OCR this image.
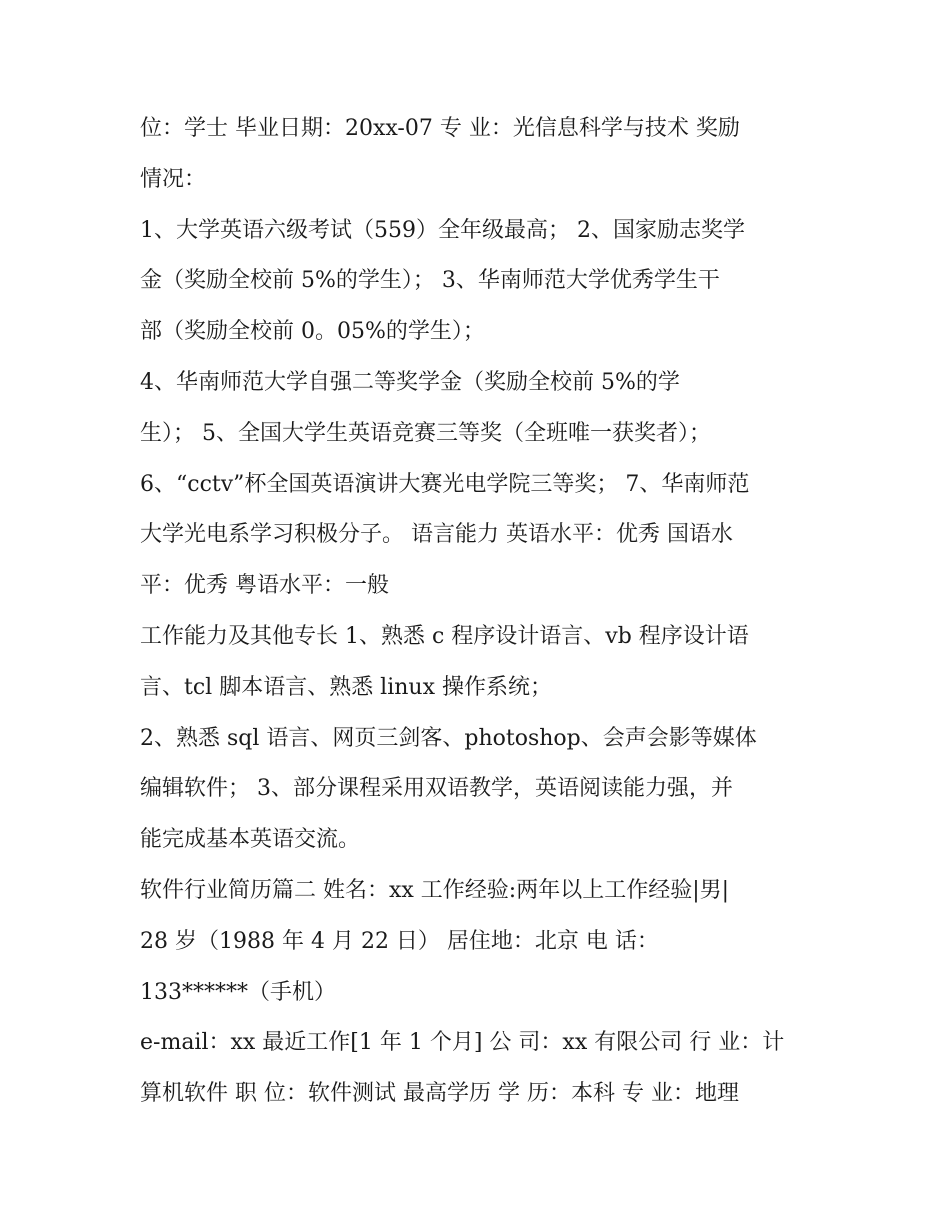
位：学士 毕业日期：20xx-07 专 业：光信息科学与技术 奖励
情况：
1、大学英语六级考试（559）全年级最高； 2、国家励志奖学
金（奖励全校前 5%的学生）； 3、华南师范大学优秀学生干
部（奖励全校前 0。05%的学生）；
4、华南师范大学自强二等奖学金（奖励全校前 5%的学
生）； 5、全国大学生英语竞赛三等奖（全班唯一获奖者）；
6、“cctv”杯全国英语演讲大赛光电学院三等奖； 7、华南师范
大学光电系学习积极分子。 语言能力 英语水平：优秀 国语水
平：优秀 粤语水平：一般
工作能力及其他专长 1、熟悉 c 程序设计语言、vb 程序设计语
言、tcl 脚本语言、熟悉 linux 操作系统；
2、熟悉 sql 语言、网页三剑客、photoshop、会声会影等媒体
编辑软件； 3、部分课程采用双语教学，英语阅读能力强，并
能完成基本英语交流。
软件行业简历篇二 姓名：xx 工作经验:两年以上工作经验|男|
28 岁（1988 年 4 月 22 日） 居住地：北京 电 话：
133******（手机）
e-mail：xx 最近工作[1 年 1 个月] 公 司：xx 有限公司 行 业：计
算机软件 职 位：软件测试 最高学历 学 历：本科 专 业：地理
